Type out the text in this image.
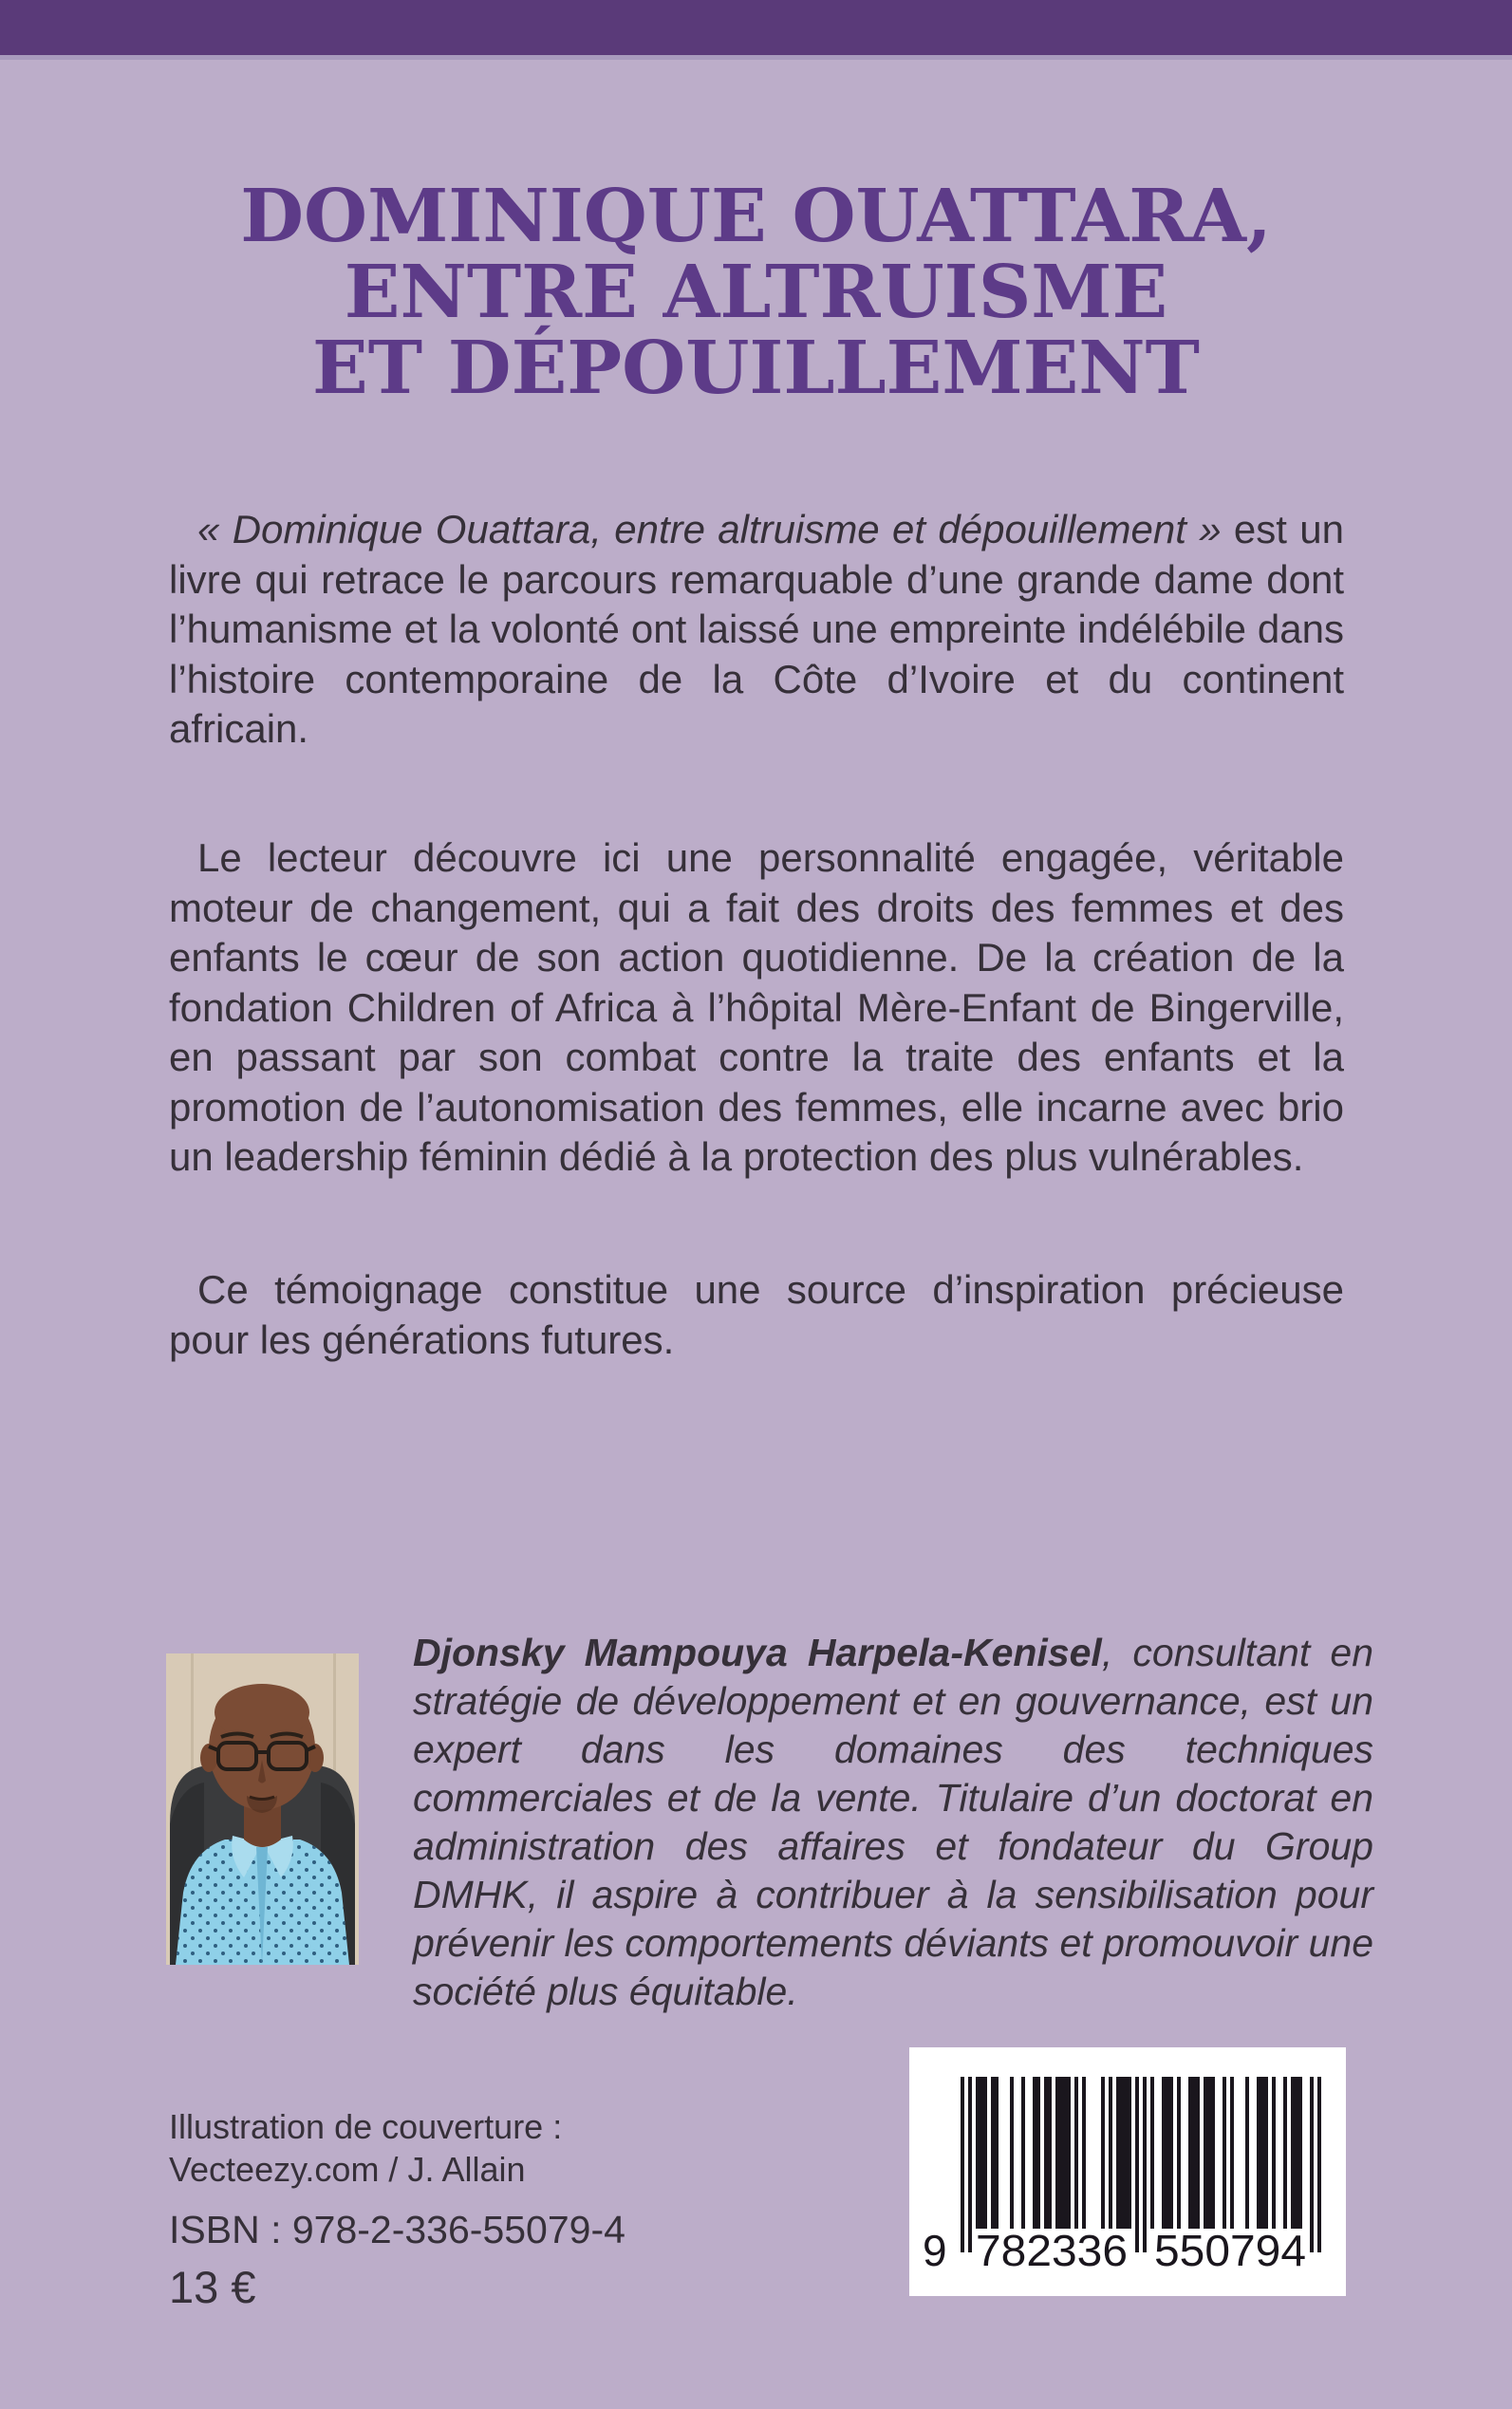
DOMINIQUE OUATTARA,
ENTRE ALTRUISME
ET DÉPOUILLEMENT

« Dominique Ouattara, entre altruisme et dépouillement » est un livre qui retrace le parcours remarquable d’une grande dame dont l’humanisme et la volonté ont laissé une empreinte indélébile dans l’histoire contemporaine de la Côte d’Ivoire et du continent africain.

Le lecteur découvre ici une personnalité engagée, véritable moteur de changement, qui a fait des droits des femmes et des enfants le cœur de son action quotidienne. De la création de la fondation Children of Africa à l’hôpital Mère-Enfant de Bingerville, en passant par son combat contre la traite des enfants et la promotion de l’autonomisation des femmes, elle incarne avec brio un leadership féminin dédié à la protection des plus vulnérables.

Ce témoignage constitue une source d’inspiration précieuse pour les générations futures.

Djonsky Mampouya Harpela-Kenisel, consultant en stratégie de développement et en gouvernance, est un expert dans les domaines des techniques commerciales et de la vente. Titulaire d’un doctorat en administration des affaires et fondateur du Group DMHK, il aspire à contribuer à la sensibilisation pour prévenir les comportements déviants et promouvoir une société plus équitable.

Illustration de couverture :
Vecteezy.com / J. Allain

ISBN : 978-2-336-55079-4

13 €

9 782336 550794
